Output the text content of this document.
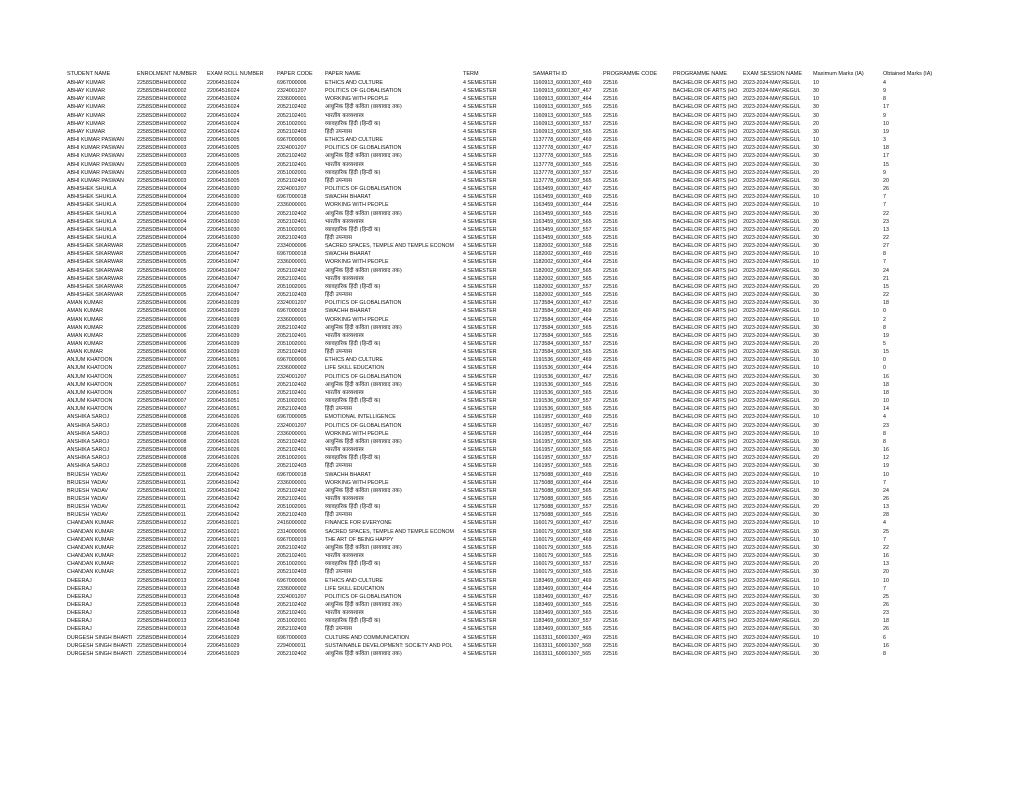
STUDENT NAME	ENROLMENT NUMBER	EXAM ROLL NUMBER	PAPER CODE	PAPER NAME	TERM	SAMARTH ID	PROGRAMME CODE	PROGRAMME NAME	EXAM SESSION NAME	Maximum Marks (IA)	Obtained Marks (IA)
ABHAY KUMAR	2258SDBHHI000002	22064516024	6967000006	ETHICS AND CULTURE	4 SEMESTER	1160913_60001307_469	22516	BACHELOR OF ARTS (HO	2023-2024-MAY;REGUL	10	4
ABHAY KUMAR	2258SDBHHI000002	22064516024	2324001207	POLITICS OF GLOBALISATION	4 SEMESTER	1160913_60001307_467	22516	BACHELOR OF ARTS (HO	2023-2024-MAY;REGUL	30	9
ABHAY KUMAR	2258SDBHHI000002	22064516024	2336000001	WORKING WITH PEOPLE	4 SEMESTER	1160913_60001307_464	22516	BACHELOR OF ARTS (HO	2023-2024-MAY;REGUL	10	8
ABHAY KUMAR	2258SDBHHI000002	22064516024	2052102402	आधुनिक हिंदी कविता (छायावाद तक)	4 SEMESTER	1160913_60001307_565	22516	BACHELOR OF ARTS (HO	2023-2024-MAY;REGUL	30	17
ABHAY KUMAR	2258SDBHHI000002	22064516024	2052102401	भारतीय काव्यशास्त्र	4 SEMESTER	1160913_60001307_565	22516	BACHELOR OF ARTS (HO	2023-2024-MAY;REGUL	30	9
ABHAY KUMAR	2258SDBHHI000002	22064516024	2051002001	व्यावहारिक हिंदी (हिन्दी क)	4 SEMESTER	1160913_60001307_557	22516	BACHELOR OF ARTS (HO	2023-2024-MAY;REGUL	20	10
ABHAY KUMAR	2258SDBHHI000002	22064516024	2052102403	हिंदी उपन्यास	4 SEMESTER	1160913_60001307_565	22516	BACHELOR OF ARTS (HO	2023-2024-MAY;REGUL	30	19
ABHI KUMAR PASWAN	2258SDBHHI000003	22064516005	6967000006	ETHICS AND CULTURE	4 SEMESTER	1137778_60001307_469	22516	BACHELOR OF ARTS (HO	2023-2024-MAY;REGUL	10	3
ABHI KUMAR PASWAN	2258SDBHHI000003	22064516005	2324001207	POLITICS OF GLOBALISATION	4 SEMESTER	1137778_60001307_467	22516	BACHELOR OF ARTS (HO	2023-2024-MAY;REGUL	30	18
ABHI KUMAR PASWAN	2258SDBHHI000003	22064516005	2052102402	आधुनिक हिंदी कविता (छायावाद तक)	4 SEMESTER	1137778_60001307_565	22516	BACHELOR OF ARTS (HO	2023-2024-MAY;REGUL	30	17
ABHI KUMAR PASWAN	2258SDBHHI000003	22064516005	2052102401	भारतीय काव्यशास्त्र	4 SEMESTER	1137778_60001307_565	22516	BACHELOR OF ARTS (HO	2023-2024-MAY;REGUL	30	15
ABHI KUMAR PASWAN	2258SDBHHI000003	22064516005	2051002001	व्यावहारिक हिंदी (हिन्दी क)	4 SEMESTER	1137778_60001307_557	22516	BACHELOR OF ARTS (HO	2023-2024-MAY;REGUL	20	9
ABHI KUMAR PASWAN	2258SDBHHI000003	22064516005	2052102403	हिंदी उपन्यास	4 SEMESTER	1137778_60001307_565	22516	BACHELOR OF ARTS (HO	2023-2024-MAY;REGUL	30	20
ABHISHEK SHUKLA	2258SDBHHI000004	22064516030	2324001207	POLITICS OF GLOBALISATION	4 SEMESTER	1163459_60001307_467	22516	BACHELOR OF ARTS (HO	2023-2024-MAY;REGUL	30	26
ABHISHEK SHUKLA	2258SDBHHI000004	22064516030	6967000018	SWACHH BHARAT	4 SEMESTER	1163459_60001307_469	22516	BACHELOR OF ARTS (HO	2023-2024-MAY;REGUL	10	7
ABHISHEK SHUKLA	2258SDBHHI000004	22064516030	2336000001	WORKING WITH PEOPLE	4 SEMESTER	1163459_60001307_464	22516	BACHELOR OF ARTS (HO	2023-2024-MAY;REGUL	10	7
ABHISHEK SHUKLA	2258SDBHHI000004	22064516030	2052102402	आधुनिक हिंदी कविता (छायावाद तक)	4 SEMESTER	1163459_60001307_565	22516	BACHELOR OF ARTS (HO	2023-2024-MAY;REGUL	30	22
ABHISHEK SHUKLA	2258SDBHHI000004	22064516030	2052102401	भारतीय काव्यशास्त्र	4 SEMESTER	1163459_60001307_565	22516	BACHELOR OF ARTS (HO	2023-2024-MAY;REGUL	30	23
ABHISHEK SHUKLA	2258SDBHHI000004	22064516030	2051002001	व्यावहारिक हिंदी (हिन्दी क)	4 SEMESTER	1163459_60001307_557	22516	BACHELOR OF ARTS (HO	2023-2024-MAY;REGUL	20	13
ABHISHEK SHUKLA	2258SDBHHI000004	22064516030	2052102403	हिंदी उपन्यास	4 SEMESTER	1163459_60001307_565	22516	BACHELOR OF ARTS (HO	2023-2024-MAY;REGUL	30	22
ABHISHEK SIKARWAR	2258SDBHHI000005	22064516047	2334000006	SACRED SPACES, TEMPLE AND TEMPLE ECONOM	4 SEMESTER	1182002_60001307_568	22516	BACHELOR OF ARTS (HO	2023-2024-MAY;REGUL	30	27
ABHISHEK SIKARWAR	2258SDBHHI000005	22064516047	6967000018	SWACHH BHARAT	4 SEMESTER	1182002_60001307_469	22516	BACHELOR OF ARTS (HO	2023-2024-MAY;REGUL	10	8
ABHISHEK SIKARWAR	2258SDBHHI000005	22064516047	2336000001	WORKING WITH PEOPLE	4 SEMESTER	1182002_60001307_464	22516	BACHELOR OF ARTS (HO	2023-2024-MAY;REGUL	10	7
ABHISHEK SIKARWAR	2258SDBHHI000005	22064516047	2052102402	आधुनिक हिंदी कविता (छायावाद तक)	4 SEMESTER	1182002_60001307_565	22516	BACHELOR OF ARTS (HO	2023-2024-MAY;REGUL	30	24
ABHISHEK SIKARWAR	2258SDBHHI000005	22064516047	2052102401	भारतीय काव्यशास्त्र	4 SEMESTER	1182002_60001307_565	22516	BACHELOR OF ARTS (HO	2023-2024-MAY;REGUL	30	21
ABHISHEK SIKARWAR	2258SDBHHI000005	22064516047	2051002001	व्यावहारिक हिंदी (हिन्दी क)	4 SEMESTER	1182002_60001307_557	22516	BACHELOR OF ARTS (HO	2023-2024-MAY;REGUL	20	15
ABHISHEK SIKARWAR	2258SDBHHI000005	22064516047	2052102403	हिंदी उपन्यास	4 SEMESTER	1182002_60001307_565	22516	BACHELOR OF ARTS (HO	2023-2024-MAY;REGUL	30	22
AMAN KUMAR	2258SDBHHI000006	22064516039	2324001207	POLITICS OF GLOBALISATION	4 SEMESTER	1173584_60001307_467	22516	BACHELOR OF ARTS (HO	2023-2024-MAY;REGUL	30	18
AMAN KUMAR	2258SDBHHI000006	22064516039	6967000018	SWACHH BHARAT	4 SEMESTER	1173584_60001307_469	22516	BACHELOR OF ARTS (HO	2023-2024-MAY;REGUL	10	0
AMAN KUMAR	2258SDBHHI000006	22064516039	2336000001	WORKING WITH PEOPLE	4 SEMESTER	1173584_60001307_464	22516	BACHELOR OF ARTS (HO	2023-2024-MAY;REGUL	10	2
AMAN KUMAR	2258SDBHHI000006	22064516039	2052102402	आधुनिक हिंदी कविता (छायावाद तक)	4 SEMESTER	1173584_60001307_565	22516	BACHELOR OF ARTS (HO	2023-2024-MAY;REGUL	30	8
AMAN KUMAR	2258SDBHHI000006	22064516039	2052102401	भारतीय काव्यशास्त्र	4 SEMESTER	1173584_60001307_565	22516	BACHELOR OF ARTS (HO	2023-2024-MAY;REGUL	30	19
AMAN KUMAR	2258SDBHHI000006	22064516039	2051002001	व्यावहारिक हिंदी (हिन्दी क)	4 SEMESTER	1173584_60001307_557	22516	BACHELOR OF ARTS (HO	2023-2024-MAY;REGUL	20	5
AMAN KUMAR	2258SDBHHI000006	22064516039	2052102403	हिंदी उपन्यास	4 SEMESTER	1173584_60001307_565	22516	BACHELOR OF ARTS (HO	2023-2024-MAY;REGUL	30	15
ANJUM KHATOON	2258SDBHHI000007	22064516051	6967000006	ETHICS AND CULTURE	4 SEMESTER	1191536_60001307_469	22516	BACHELOR OF ARTS (HO	2023-2024-MAY;REGUL	10	0
ANJUM KHATOON	2258SDBHHI000007	22064516051	2336000002	LIFE SKILL EDUCATION	4 SEMESTER	1191536_60001307_464	22516	BACHELOR OF ARTS (HO	2023-2024-MAY;REGUL	10	0
ANJUM KHATOON	2258SDBHHI000007	22064516051	2324001207	POLITICS OF GLOBALISATION	4 SEMESTER	1191536_60001307_467	22516	BACHELOR OF ARTS (HO	2023-2024-MAY;REGUL	30	16
ANJUM KHATOON	2258SDBHHI000007	22064516051	2052102402	आधुनिक हिंदी कविता (छायावाद तक)	4 SEMESTER	1191536_60001307_565	22516	BACHELOR OF ARTS (HO	2023-2024-MAY;REGUL	30	18
ANJUM KHATOON	2258SDBHHI000007	22064516051	2052102401	भारतीय काव्यशास्त्र	4 SEMESTER	1191536_60001307_565	22516	BACHELOR OF ARTS (HO	2023-2024-MAY;REGUL	30	18
ANJUM KHATOON	2258SDBHHI000007	22064516051	2051002001	व्यावहारिक हिंदी (हिन्दी क)	4 SEMESTER	1191536_60001307_557	22516	BACHELOR OF ARTS (HO	2023-2024-MAY;REGUL	20	10
ANJUM KHATOON	2258SDBHHI000007	22064516051	2052102403	हिंदी उपन्यास	4 SEMESTER	1191536_60001307_565	22516	BACHELOR OF ARTS (HO	2023-2024-MAY;REGUL	30	14
ANSHIKA SAROJ	2258SDBHHI000008	22064516026	6967000005	EMOTIONAL INTELLIGENCE	4 SEMESTER	1161957_60001307_469	22516	BACHELOR OF ARTS (HO	2023-2024-MAY;REGUL	10	4
ANSHIKA SAROJ	2258SDBHHI000008	22064516026	2324001207	POLITICS OF GLOBALISATION	4 SEMESTER	1161957_60001307_467	22516	BACHELOR OF ARTS (HO	2023-2024-MAY;REGUL	30	23
ANSHIKA SAROJ	2258SDBHHI000008	22064516026	2336000001	WORKING WITH PEOPLE	4 SEMESTER	1161957_60001307_464	22516	BACHELOR OF ARTS (HO	2023-2024-MAY;REGUL	10	8
ANSHIKA SAROJ	2258SDBHHI000008	22064516026	2052102402	आधुनिक हिंदी कविता (छायावाद तक)	4 SEMESTER	1161957_60001307_565	22516	BACHELOR OF ARTS (HO	2023-2024-MAY;REGUL	30	8
ANSHIKA SAROJ	2258SDBHHI000008	22064516026	2052102401	भारतीय काव्यशास्त्र	4 SEMESTER	1161957_60001307_565	22516	BACHELOR OF ARTS (HO	2023-2024-MAY;REGUL	30	16
ANSHIKA SAROJ	2258SDBHHI000008	22064516026	2051002001	व्यावहारिक हिंदी (हिन्दी क)	4 SEMESTER	1161957_60001307_557	22516	BACHELOR OF ARTS (HO	2023-2024-MAY;REGUL	20	12
ANSHIKA SAROJ	2258SDBHHI000008	22064516026	2052102403	हिंदी उपन्यास	4 SEMESTER	1161957_60001307_565	22516	BACHELOR OF ARTS (HO	2023-2024-MAY;REGUL	30	19
BRIJESH YADAV	2258SDBHHI000011	22064516042	6967000018	SWACHH BHARAT	4 SEMESTER	1175088_60001307_469	22516	BACHELOR OF ARTS (HO	2023-2024-MAY;REGUL	10	10
BRIJESH YADAV	2258SDBHHI000011	22064516042	2336000001	WORKING WITH PEOPLE	4 SEMESTER	1175088_60001307_464	22516	BACHELOR OF ARTS (HO	2023-2024-MAY;REGUL	10	7
BRIJESH YADAV	2258SDBHHI000011	22064516042	2052102402	आधुनिक हिंदी कविता (छायावाद तक)	4 SEMESTER	1175088_60001307_565	22516	BACHELOR OF ARTS (HO	2023-2024-MAY;REGUL	30	24
BRIJESH YADAV	2258SDBHHI000011	22064516042	2052102401	भारतीय काव्यशास्त्र	4 SEMESTER	1175088_60001307_565	22516	BACHELOR OF ARTS (HO	2023-2024-MAY;REGUL	30	26
BRIJESH YADAV	2258SDBHHI000011	22064516042	2051002001	व्यावहारिक हिंदी (हिन्दी क)	4 SEMESTER	1175088_60001307_557	22516	BACHELOR OF ARTS (HO	2023-2024-MAY;REGUL	20	13
BRIJESH YADAV	2258SDBHHI000011	22064516042	2052102403	हिंदी उपन्यास	4 SEMESTER	1175088_60001307_565	22516	BACHELOR OF ARTS (HO	2023-2024-MAY;REGUL	30	28
CHANDAN KUMAR	2258SDBHHI000012	22064516021	2416000002	FINANCE FOR EVERYONE	4 SEMESTER	1160179_60001307_467	22516	BACHELOR OF ARTS (HO	2023-2024-MAY;REGUL	10	4
CHANDAN KUMAR	2258SDBHHI000012	22064516021	2314000006	SACRED SPACES, TEMPLE AND TEMPLE ECONOM	4 SEMESTER	1160179_60001307_568	22516	BACHELOR OF ARTS (HO	2023-2024-MAY;REGUL	30	25
CHANDAN KUMAR	2258SDBHHI000012	22064516021	6967000019	THE ART OF BEING HAPPY	4 SEMESTER	1160179_60001307_469	22516	BACHELOR OF ARTS (HO	2023-2024-MAY;REGUL	10	7
CHANDAN KUMAR	2258SDBHHI000012	22064516021	2052102402	आधुनिक हिंदी कविता (छायावाद तक)	4 SEMESTER	1160179_60001307_565	22516	BACHELOR OF ARTS (HO	2023-2024-MAY;REGUL	30	22
CHANDAN KUMAR	2258SDBHHI000012	22064516021	2052102401	भारतीय काव्यशास्त्र	4 SEMESTER	1160179_60001307_565	22516	BACHELOR OF ARTS (HO	2023-2024-MAY;REGUL	30	16
CHANDAN KUMAR	2258SDBHHI000012	22064516021	2051002001	व्यावहारिक हिंदी (हिन्दी क)	4 SEMESTER	1160179_60001307_557	22516	BACHELOR OF ARTS (HO	2023-2024-MAY;REGUL	20	13
CHANDAN KUMAR	2258SDBHHI000012	22064516021	2052102403	हिंदी उपन्यास	4 SEMESTER	1160179_60001307_565	22516	BACHELOR OF ARTS (HO	2023-2024-MAY;REGUL	30	20
DHEERAJ	2258SDBHHI000013	22064516048	6967000006	ETHICS AND CULTURE	4 SEMESTER	1183469_60001307_469	22516	BACHELOR OF ARTS (HO	2023-2024-MAY;REGUL	10	10
DHEERAJ	2258SDBHHI000013	22064516048	2336000002	LIFE SKILL EDUCATION	4 SEMESTER	1183469_60001307_464	22516	BACHELOR OF ARTS (HO	2023-2024-MAY;REGUL	10	7
DHEERAJ	2258SDBHHI000013	22064516048	2324001207	POLITICS OF GLOBALISATION	4 SEMESTER	1183469_60001307_467	22516	BACHELOR OF ARTS (HO	2023-2024-MAY;REGUL	30	25
DHEERAJ	2258SDBHHI000013	22064516048	2052102402	आधुनिक हिंदी कविता (छायावाद तक)	4 SEMESTER	1183469_60001307_565	22516	BACHELOR OF ARTS (HO	2023-2024-MAY;REGUL	30	26
DHEERAJ	2258SDBHHI000013	22064516048	2052102401	भारतीय काव्यशास्त्र	4 SEMESTER	1183469_60001307_565	22516	BACHELOR OF ARTS (HO	2023-2024-MAY;REGUL	30	23
DHEERAJ	2258SDBHHI000013	22064516048	2051002001	व्यावहारिक हिंदी (हिन्दी क)	4 SEMESTER	1183469_60001307_557	22516	BACHELOR OF ARTS (HO	2023-2024-MAY;REGUL	20	18
DHEERAJ	2258SDBHHI000013	22064516048	2052102403	हिंदी उपन्यास	4 SEMESTER	1183469_60001307_565	22516	BACHELOR OF ARTS (HO	2023-2024-MAY;REGUL	30	26
DURGESH SINGH BHARTI	2258SDBHHI000014	22064516029	6967000003	CULTURE AND COMMUNICATION	4 SEMESTER	1163311_60001307_469	22516	BACHELOR OF ARTS (HO	2023-2024-MAY;REGUL	10	6
DURGESH SINGH BHARTI	2258SDBHHI000014	22064516029	2294000011	SUSTAINABLE DEVELOPMENT: SOCIETY AND POL	4 SEMESTER	1163311_60001307_568	22516	BACHELOR OF ARTS (HO	2023-2024-MAY;REGUL	30	16
DURGESH SINGH BHARTI	2258SDBHHI000014	22064516029	2052102402	आधुनिक हिंदी कविता (छायावाद तक)	4 SEMESTER	1163311_60001307_565	22516	BACHELOR OF ARTS (HO	2023-2024-MAY;REGUL	30	8
